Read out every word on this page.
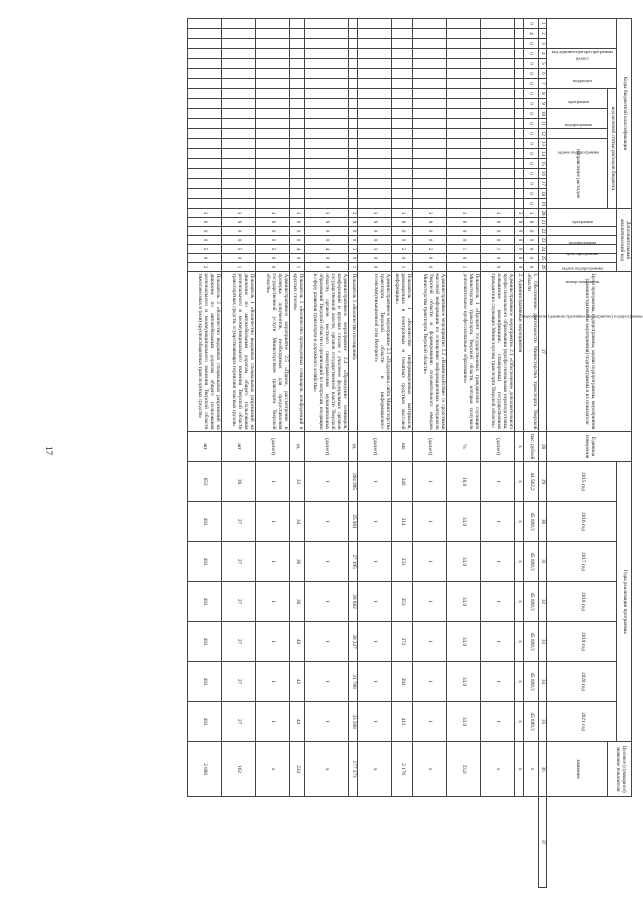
17
Коды бюджетной классификации																			Дополнительный аналитический код							Цели программы, подпрограммы, задачи подпрограммы, мероприятия (административные мероприятия) подпрограммы и их показатели	Единица измерения	Годы реализации программы							Целевое (суммарное) значение показателя	
код администратора программы			раздел		подраздел		код целевой статьи расходов бюджета												программа		подпрограмма	цель программы	задача подпрограммы	мероприятие (административное мероприятие) подпрограммы	номер показателя			2015 год	2016 год	2017 год	2018 год	2019 год	2020 год	2021 год		
							программа		подпрограмма		задача подпрограммы	направление расходов																							значение	
1	2	3	4	5	6	7	8	9	10	11	12	13	14	15	16	17	18	19	20	21	22	23	24	25	26	27	28	29	30	31	32	33	34	35	36	37
0	4	0	0	0	0	0	0	0	0	0	0	0	0	0	0	0	0	0	3	9	0	0	0	0	0	1. Обеспечение деятельности Министерства транспорта Тверской области	тыс. рублей	44 562,2	45 889,3	45 889,3	45 889,3	45 889,3	45 889,3	45 889,3	х	
																			3	9	0	0	0	0	0	2. Административные мероприятия	х	х	х	х	х	х	х	х	х	
																			3	9	0	0	1	0	0	Административное мероприятие 2.1 «Обеспечение дополнительного профессионального образования (профессиональная переподготовка, повышение квалификации, стажировка) государственных гражданских служащих Министерства транспорта Тверской области»	(да/нет)	1	1	1	1	1	1	1	х	
																			3	9	0	0	1	0	1	Показатель 1 «Процент государственных гражданских служащих Министерства транспорта Тверской области, которые получили дополнительное профессиональное образование»	%	18,0	33,0	33,0	33,0	33,0	33,0	33,0	33,0	
																			3	9	0	0	2	0	0	Административное мероприятие 2.2 «Взаимодействие со средствами массовой информации по освещению информационных материалов Тверской области и формированию положительного имиджа Министерства транспорта Тверской области»	(да/нет)	1	1	1	1	1	1	1	х	
																			3	9	0	0	2	0	1	Показатель 1 «Количество информационных материалов, размещенных в электронных и печатных средствах массовой информации»	шт.	340	314	333	353	372	392	411	2 176	
																			3	9	0	0	3	0	0	Административное мероприятие 2.3 «Поддержка сайта Министерства транспорта Тверской области в информационно-телекоммуникационной сети Интернет»	(да/нет)	1	1	1	1	1	1	1	х	
																			3	9	0	0	3	0	1	Показатель 1 «Количество посещений»	ед.	264 995	25 901	27 195	28 882	30 327	31 798	33 288	177 373	
																			3	9	0	0	4	0	0	Административное мероприятие 2.4 «Проведение семинаров, конференций и круглых столов с участием федеральных органов государственной власти, органов государственной власти Тверской области, органов местного самоуправления муниципальных образований Тверской области и организаций по вопросам, входящим в сферу развития транспорта и дорожного хозяйства»	(да/нет)	1	1	1	1	1	1	1	х	
																			3	9	0	0	4	0	1	Показатель 1 «Количество проведенных семинаров, конференций и круглых столов»	ед.	33	34	36	38	40	42	44	234	
																			3	9	0	0	5	0	0	Административное мероприятие 2.5 «Прием, рассмотрение и проверка документов, необходимых для предоставления государственной услуги Министерством транспорта Тверской области»	(да/нет)	1	1	1	1	1	1	1	х	
																			3	9	0	0	5	0	1	Показатель 1 «Количество выданных специальных разрешений на движение по автомобильным дорогам общего пользования регионального и межмуниципального значения Тверской области транспортных средств, осуществляющих перевозки опасных грузов»	шт	39	27	27	27	27	27	27	162	
																			3	9	0	0	5	0	2	Показатель 2 «Количество выданных специальных разрешений на движение по автомобильным дорогам общего пользования регионального и межмуниципального значения Тверской области тяжеловесных и (или) крупногабаритных транспортных средств»	шт	653	483	483	483	483	483	483	2 898	
